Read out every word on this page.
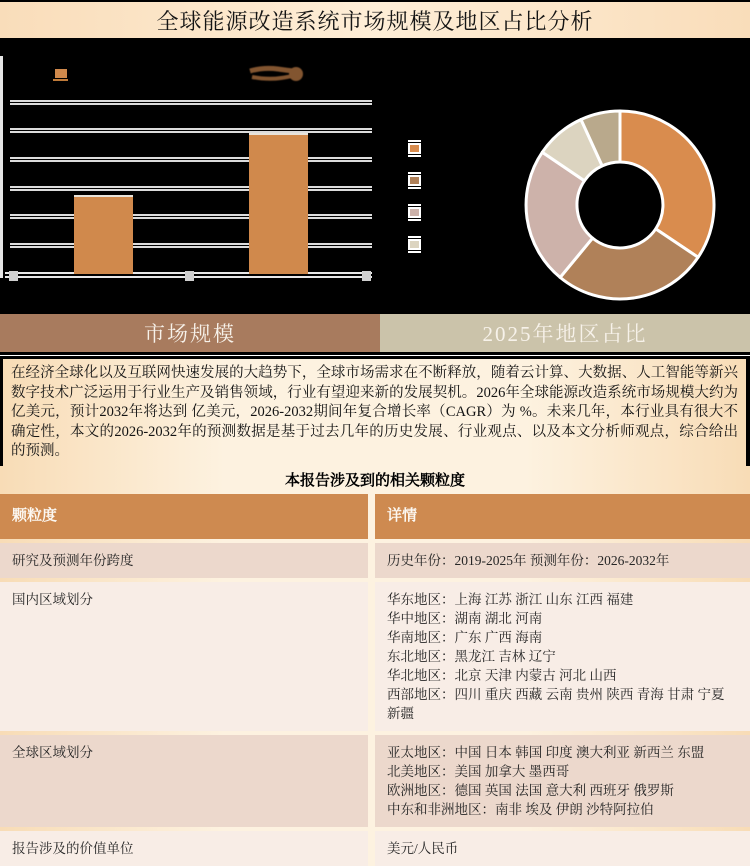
全球能源改造系统市场规模及地区占比分析
市场规模	2025年地区占比

在经济全球化以及互联网快速发展的大趋势下，全球市场需求在不断释放，随着云计算、大数据、人工智能等新兴数字技术广泛运用于行业生产及销售领域，行业有望迎来新的发展契机。2026年全球能源改造系统市场规模大约为 亿美元，预计2032年将达到 亿美元，2026-2032期间年复合增长率（CAGR）为 %。未来几年，本行业具有很大不确定性，本文的2026-2032年的预测数据是基于过去几年的历史发展、行业观点、以及本文分析师观点，综合给出的预测。

本报告涉及到的相关颗粒度
颗粒度	详情
研究及预测年份跨度	历史年份：2019-2025年 预测年份：2026-2032年
国内区域划分	华东地区：上海 江苏 浙江 山东 江西 福建
华中地区：湖南 湖北 河南
华南地区：广东 广西 海南
东北地区：黑龙江 吉林 辽宁
华北地区：北京 天津 内蒙古 河北 山西
西部地区：四川 重庆 西藏 云南 贵州 陕西 青海 甘肃 宁夏 新疆
全球区域划分	亚太地区：中国 日本 韩国 印度 澳大利亚 新西兰 东盟
北美地区：美国 加拿大 墨西哥
欧洲地区：德国 英国 法国 意大利 西班牙 俄罗斯
中东和非洲地区：南非 埃及 伊朗 沙特阿拉伯
报告涉及的价值单位	美元/人民币
